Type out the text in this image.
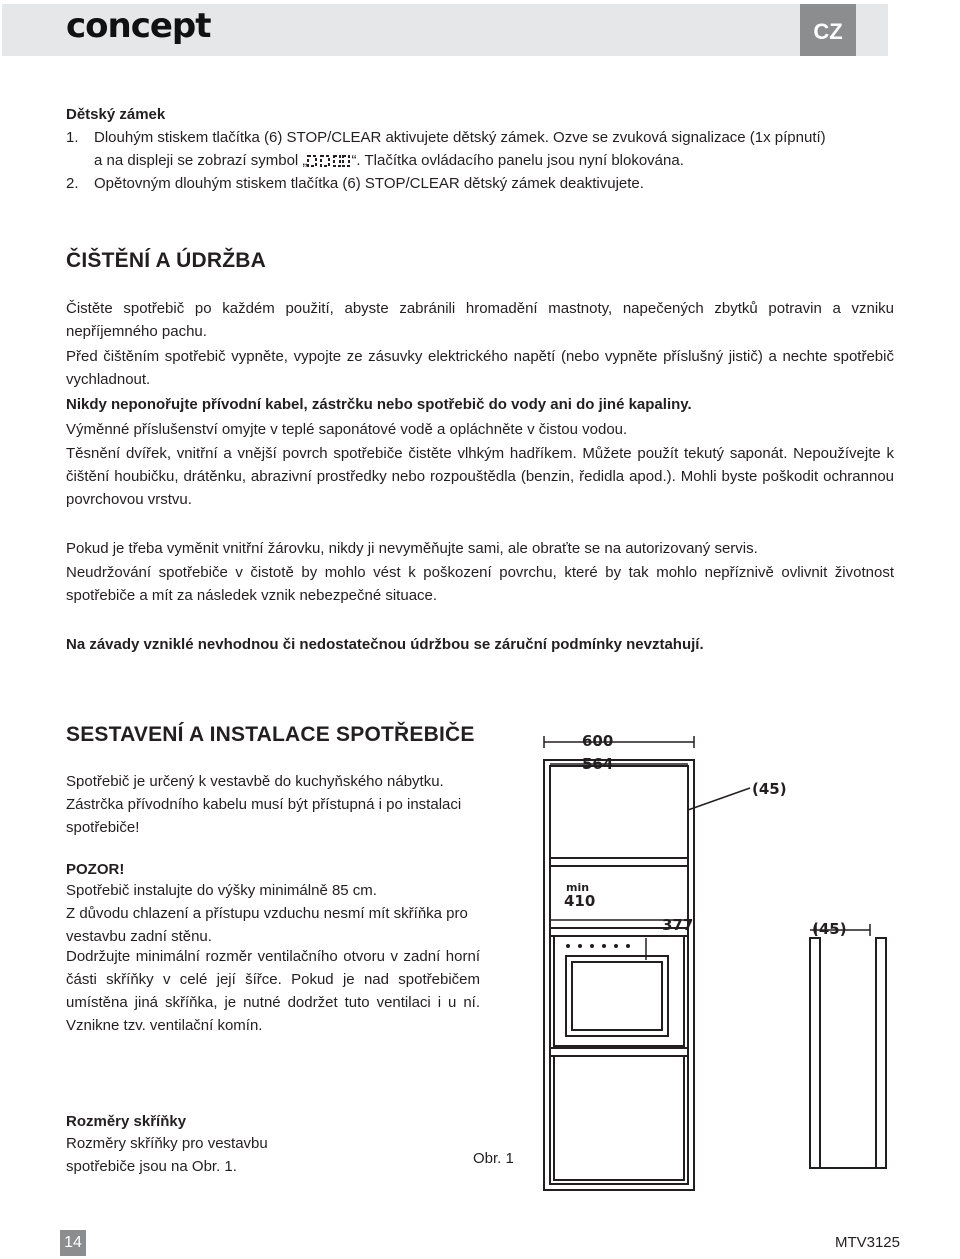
concept	CZ
Dětský zámek
1. Dlouhým stiskem tlačítka (6) STOP/CLEAR aktivujete dětský zámek. Ozve se zvuková signalizace (1x pípnutí)
a na displeji se zobrazí symbol „	“. Tlačítka ovládacího panelu jsou nyní blokována.
2. Opětovným dlouhým stiskem tlačítka (6) STOP/CLEAR dětský zámek deaktivujete.
ČIŠTĚNÍ A ÚDRŽBA
Čistěte spotřebič po každém použití, abyste zabránili hromadění mastnoty, napečených zbytků potravin a vzniku nepříjemného pachu.
Před čištěním spotřebič vypněte, vypojte ze zásuvky elektrického napětí (nebo vypněte příslušný jistič) a nechte spotřebič vychladnout.
Nikdy neponořujte přívodní kabel, zástrčku nebo spotřebič do vody ani do jiné kapaliny.
Výměnné příslušenství omyjte v teplé saponátové vodě a opláchněte v čistou vodou.
Těsnění dvířek, vnitřní a vnější povrch spotřebiče čistěte vlhkým hadříkem. Můžete použít tekutý saponát. Nepoužívejte k čištění houbičku, drátěnku, abrazivní prostředky nebo rozpouštědla (benzin, ředidla apod.). Mohli byste poškodit ochrannou povrchovou vrstvu.
Pokud je třeba vyměnit vnitřní žárovku, nikdy ji nevyměňujte sami, ale obraťte se na autorizovaný servis.
Neudržování spotřebiče v čistotě by mohlo vést k poškození povrchu, které by tak mohlo nepříznivě ovlivnit životnost spotřebiče a mít za následek vznik nebezpečné situace.
Na závady vzniklé nevhodnou či nedostatečnou údržbou se záruční podmínky nevztahují.
SESTAVENÍ A INSTALACE SPOTŘEBIČE
Spotřebič je určený k vestavbě do kuchyňského nábytku. Zástrčka přívodního kabelu musí být přístupná i po instalaci spotřebiče!
POZOR!
Spotřebič instalujte do výšky minimálně 85 cm.
Z důvodu chlazení a přístupu vzduchu nesmí mít skříňka pro vestavbu zadní stěnu.
Dodržujte minimální rozměr ventilačního otvoru v zadní horní části skříňky v celé její šířce. Pokud je nad spotřebičem umístěna jiná skříňka, je nutné dodržet tuto ventilaci i u ní. Vznikne tzv. ventilační komín.
Rozměry skříňky
Rozměry skříňky pro vestavbu spotřebiče jsou na Obr. 1.
600
564
(45)
min
410
377	(45)
Obr. 1
14	MTV3125
